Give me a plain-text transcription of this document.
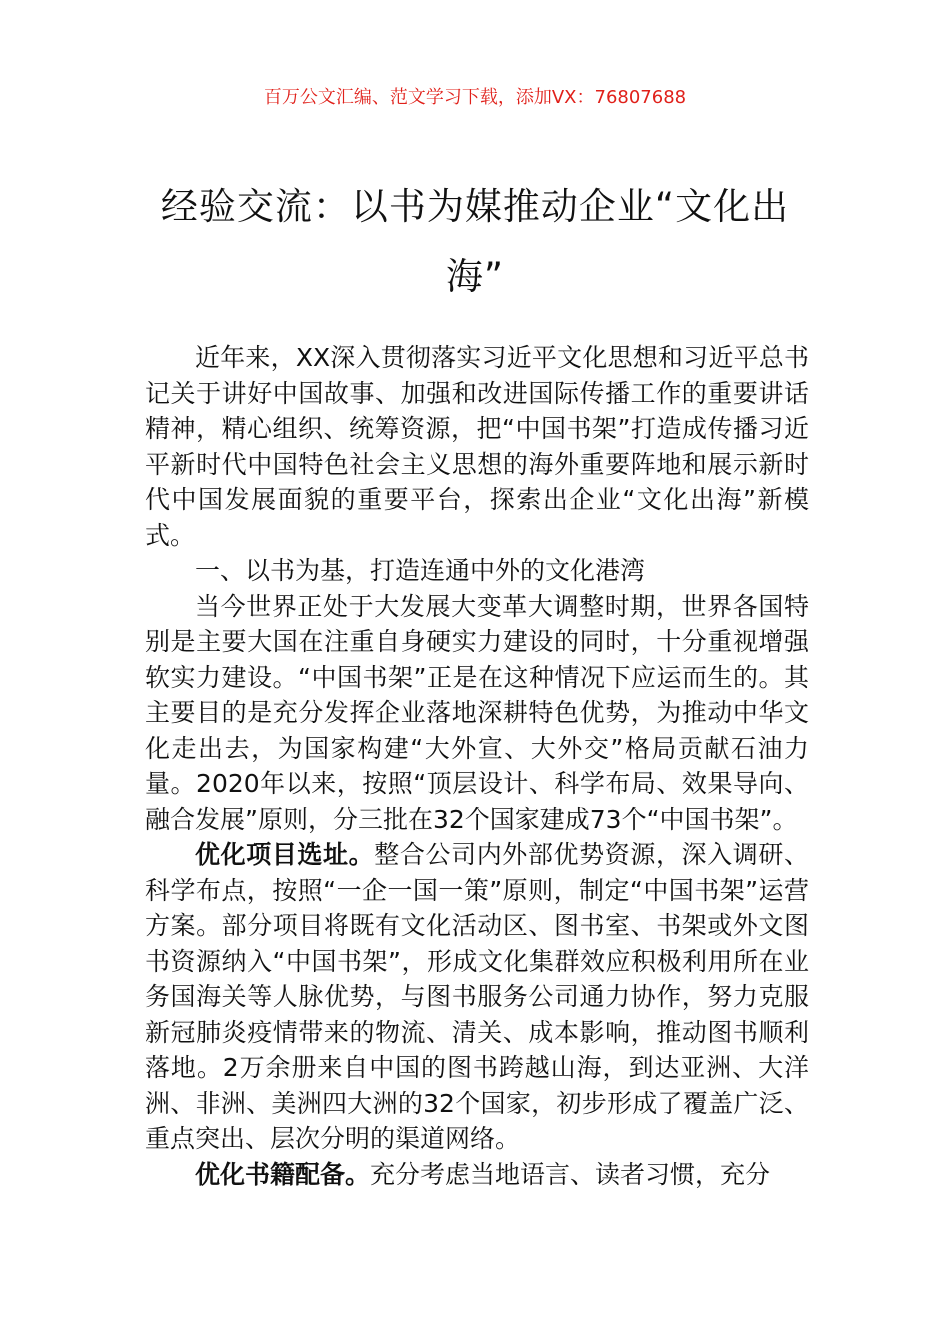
百万公文汇编、范文学习下载，添加VX：76807688
经验交流：以书为媒推动企业“文化出海”

近年来，XX深入贯彻落实习近平文化思想和习近平总书记关于讲好中国故事、加强和改进国际传播工作的重要讲话精神，精心组织、统筹资源，把“中国书架”打造成传播习近平新时代中国特色社会主义思想的海外重要阵地和展示新时代中国发展面貌的重要平台，探索出企业“文化出海”新模式。

一、以书为基，打造连通中外的文化港湾

当今世界正处于大发展大变革大调整时期，世界各国特别是主要大国在注重自身硬实力建设的同时，十分重视增强软实力建设。“中国书架”正是在这种情况下应运而生的。其主要目的是充分发挥企业落地深耕特色优势，为推动中华文化走出去，为国家构建“大外宣、大外交”格局贡献石油力量。2020年以来，按照“顶层设计、科学布局、效果导向、融合发展”原则，分三批在32个国家建成73个“中国书架”。

优化项目选址。整合公司内外部优势资源，深入调研、科学布点，按照“一企一国一策”原则，制定“中国书架”运营方案。部分项目将既有文化活动区、图书室、书架或外文图书资源纳入“中国书架”，形成文化集群效应积极利用所在业务国海关等人脉优势，与图书服务公司通力协作，努力克服新冠肺炎疫情带来的物流、清关、成本影响，推动图书顺利落地。2万余册来自中国的图书跨越山海，到达亚洲、大洋洲、非洲、美洲四大洲的32个国家，初步形成了覆盖广泛、重点突出、层次分明的渠道网络。

优化书籍配备。充分考虑当地语言、读者习惯，充分
